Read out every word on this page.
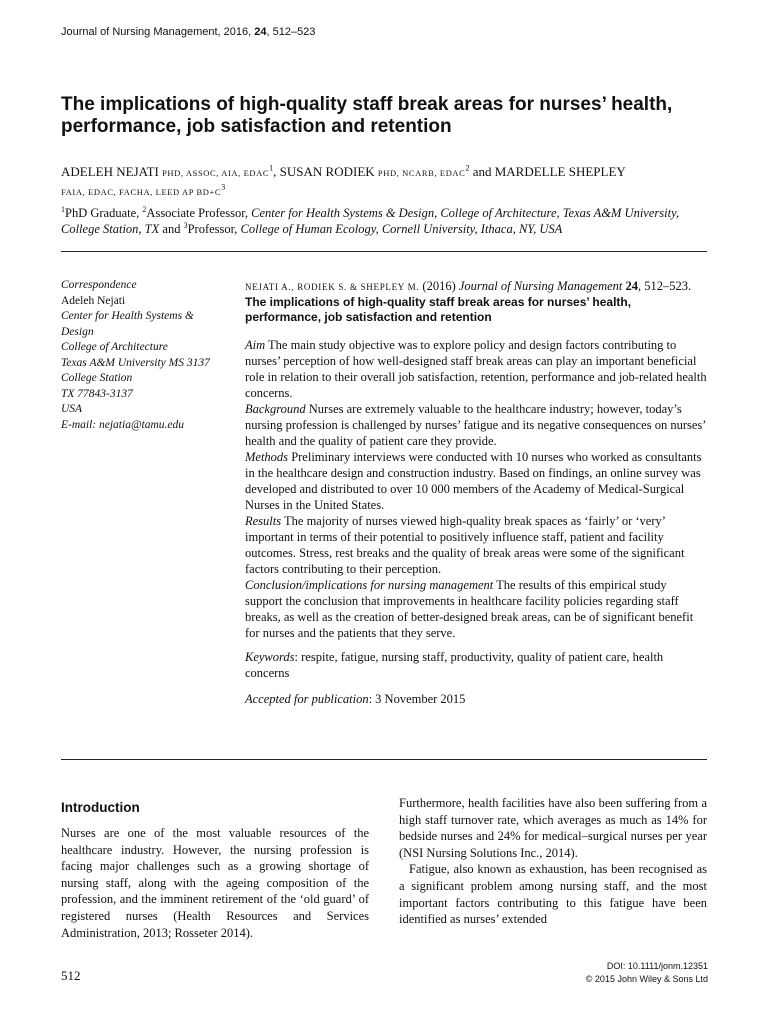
Journal of Nursing Management, 2016, 24, 512–523
The implications of high-quality staff break areas for nurses’ health, performance, job satisfaction and retention
ADELEH NEJATI PHD, ASSOC, AIA, EDAC$^1$, SUSAN RODIEK PHD, NCARB, EDAC$^2$ and MARDELLE SHEPLEY
FAIA, EDAC, FACHA, LEED AP $BD+C^3$
$^1$PhD Graduate, $^2$Associate Professor, Center for Health Systems & Design, College of Architecture, Texas A&M University, College Station, TX and $^3$Professor, College of Human Ecology, Cornell University, Ithaca, NY, USA
Correspondence
Adeleh Nejati
Center for Health Systems &
Design
College of Architecture
Texas A&M University MS 3137
College Station
TX 77843-3137
USA
E-mail: nejatia@tamu.edu
NEJATI A., RODIEK S. & SHEPLEY M. (2016) Journal of Nursing Management 24, 512–523.
The implications of high-quality staff break areas for nurses’ health, performance, job satisfaction and retention

Aim The main study objective was to explore policy and design factors contributing to nurses’ perception of how well-designed staff break areas can play an important beneficial role in relation to their overall job satisfaction, retention, performance and job-related health concerns.

Background Nurses are extremely valuable to the healthcare industry; however, today’s nursing profession is challenged by nurses’ fatigue and its negative consequences on nurses’ health and the quality of patient care they provide.

Methods Preliminary interviews were conducted with 10 nurses who worked as consultants in the healthcare design and construction industry. Based on findings, an online survey was developed and distributed to over 10 000 members of the Academy of Medical-Surgical Nurses in the United States.

Results The majority of nurses viewed high-quality break spaces as ‘fairly’ or ‘very’ important in terms of their potential to positively influence staff, patient and facility outcomes. Stress, rest breaks and the quality of break areas were some of the significant factors contributing to their perception.

Conclusion/implications for nursing management The results of this empirical study support the conclusion that improvements in healthcare facility policies regarding staff breaks, as well as the creation of better-designed break areas, can be of significant benefit for nurses and the patients that they serve.

Keywords: respite, fatigue, nursing staff, productivity, quality of patient care, health concerns

Accepted for publication: 3 November 2015

Introduction

Nurses are one of the most valuable resources of the healthcare industry. However, the nursing profession is facing major challenges such as a growing shortage of nursing staff, along with the ageing composition of the profession, and the imminent retirement of the ‘old guard’ of registered nurses (Health Resources and Services Administration, 2013; Rosseter 2014).

Furthermore, health facilities have also been suffering from a high staff turnover rate, which averages as much as 14% for bedside nurses and 24% for medical–surgical nurses per year (NSI Nursing Solutions Inc., 2014).

Fatigue, also known as exhaustion, has been recognised as a significant problem among nursing staff, and the most important factors contributing to this fatigue have been identified as nurses’ extended

512
DOI: 10.1111/jonm.12351
© 2015 John Wiley & Sons Ltd
